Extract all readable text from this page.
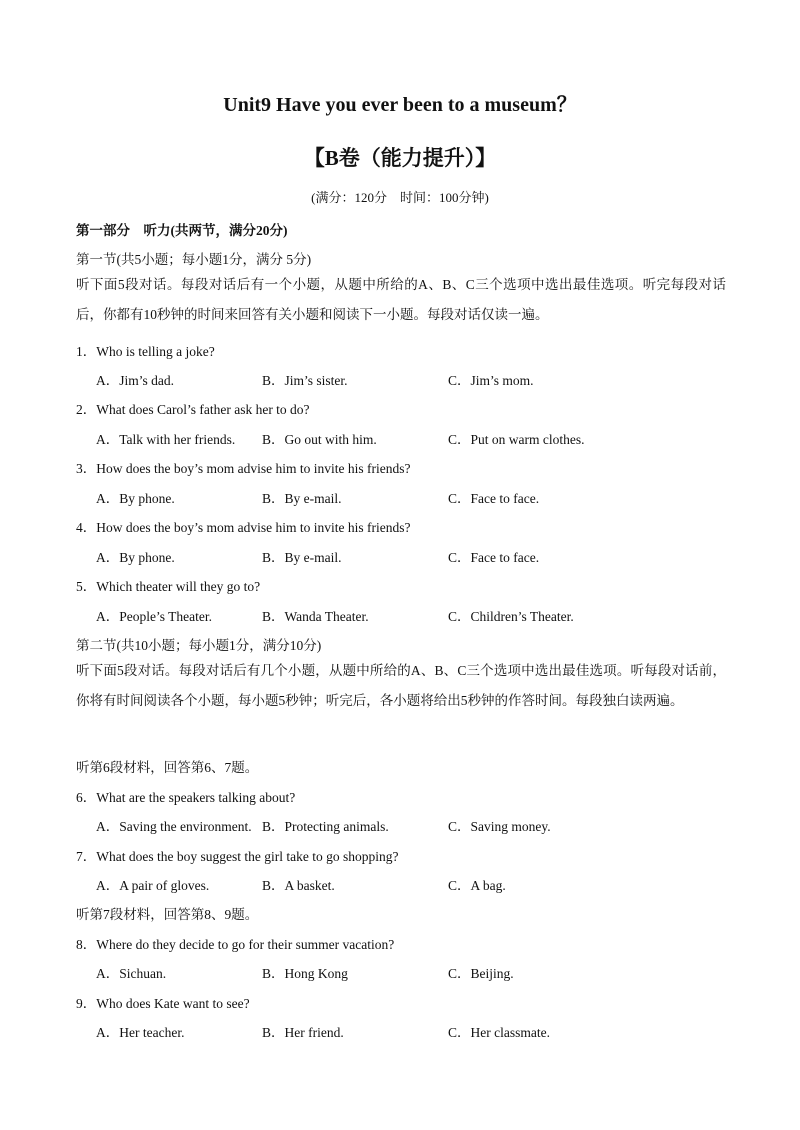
Unit9 Have you ever been to a museum？
【B卷（能力提升）】
(满分：120分　时间：100分钟)
第一部分　听力(共两节，满分20分)
第一节(共5小题；每小题1分，满分 5分)
听下面5段对话。每段对话后有一个小题，从题中所给的A、B、C三个选项中选出最佳选项。听完每段对话后，你都有10秒钟的时间来回答有关小题和阅读下一小题。每段对话仅读一遍。
1．Who is telling a joke?
A．Jim’s dad.	B．Jim’s sister.	C．Jim’s mom.
2．What does Carol’s father ask her to do?
A．Talk with her friends. B．Go out with him.	C．Put on warm clothes.
3．How does the boy’s mom advise him to invite his friends?
A．By phone.	B．By e-mail.	C．Face to face.
4．How does the boy’s mom advise him to invite his friends?
A．By phone.	B．By e-mail.	C．Face to face.
5．Which theater will they go to?
A．People’s Theater.	B．Wanda Theater.	C．Children’s Theater.
第二节(共10小题；每小题1分，满分10分)
听下面5段对话。每段对话后有几个小题，从题中所给的A、B、C三个选项中选出最佳选项。听每段对话前，你将有时间阅读各个小题，每小题5秒钟；听完后，各小题将给出5秒钟的作答时间。每段独白读两遍。
听第6段材料，回答第6、7题。
6．What are the speakers talking about?
A．Saving the environment. B．Protecting animals.	C．Saving money.
7．What does the boy suggest the girl take to go shopping?
A．A pair of gloves.	B．A basket.	C．A bag.
听第7段材料，回答第8、9题。
8．Where do they decide to go for their summer vacation?
A．Sichuan.	B．Hong Kong	C．Beijing.
9．Who does Kate want to see?
A．Her teacher.	B．Her friend.	C．Her classmate.
